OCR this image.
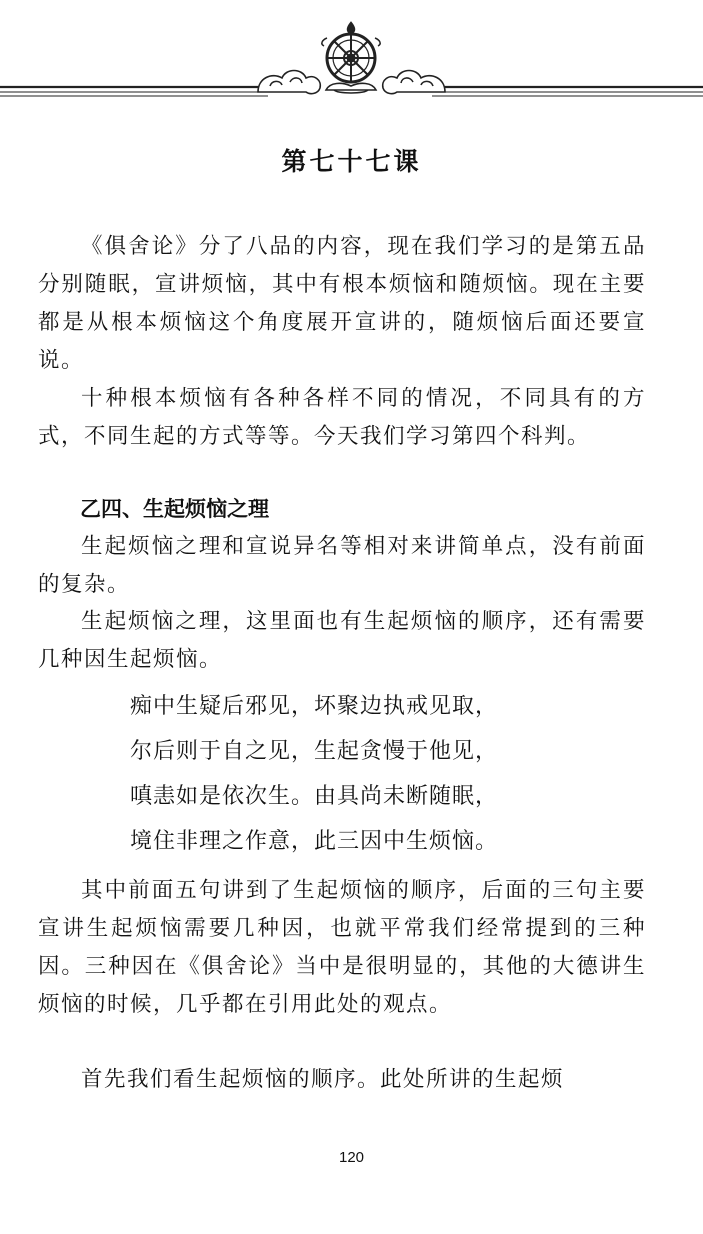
第七十七课

《俱舍论》分了八品的内容，现在我们学习的是第五品分别随眠，宣讲烦恼，其中有根本烦恼和随烦恼。现在主要都是从根本烦恼这个角度展开宣讲的，随烦恼后面还要宣说。

十种根本烦恼有各种各样不同的情况，不同具有的方式，不同生起的方式等等。今天我们学习第四个科判。

乙四、生起烦恼之理

生起烦恼之理和宣说异名等相对来讲简单点，没有前面的复杂。

生起烦恼之理，这里面也有生起烦恼的顺序，还有需要几种因生起烦恼。

痴中生疑后邪见，坏聚边执戒见取，
尔后则于自之见，生起贪慢于他见，
嗔恚如是依次生。由具尚未断随眠，
境住非理之作意，此三因中生烦恼。

其中前面五句讲到了生起烦恼的顺序，后面的三句主要宣讲生起烦恼需要几种因，也就平常我们经常提到的三种因。三种因在《俱舍论》当中是很明显的，其他的大德讲生烦恼的时候，几乎都在引用此处的观点。

首先我们看生起烦恼的顺序。此处所讲的生起烦

120
